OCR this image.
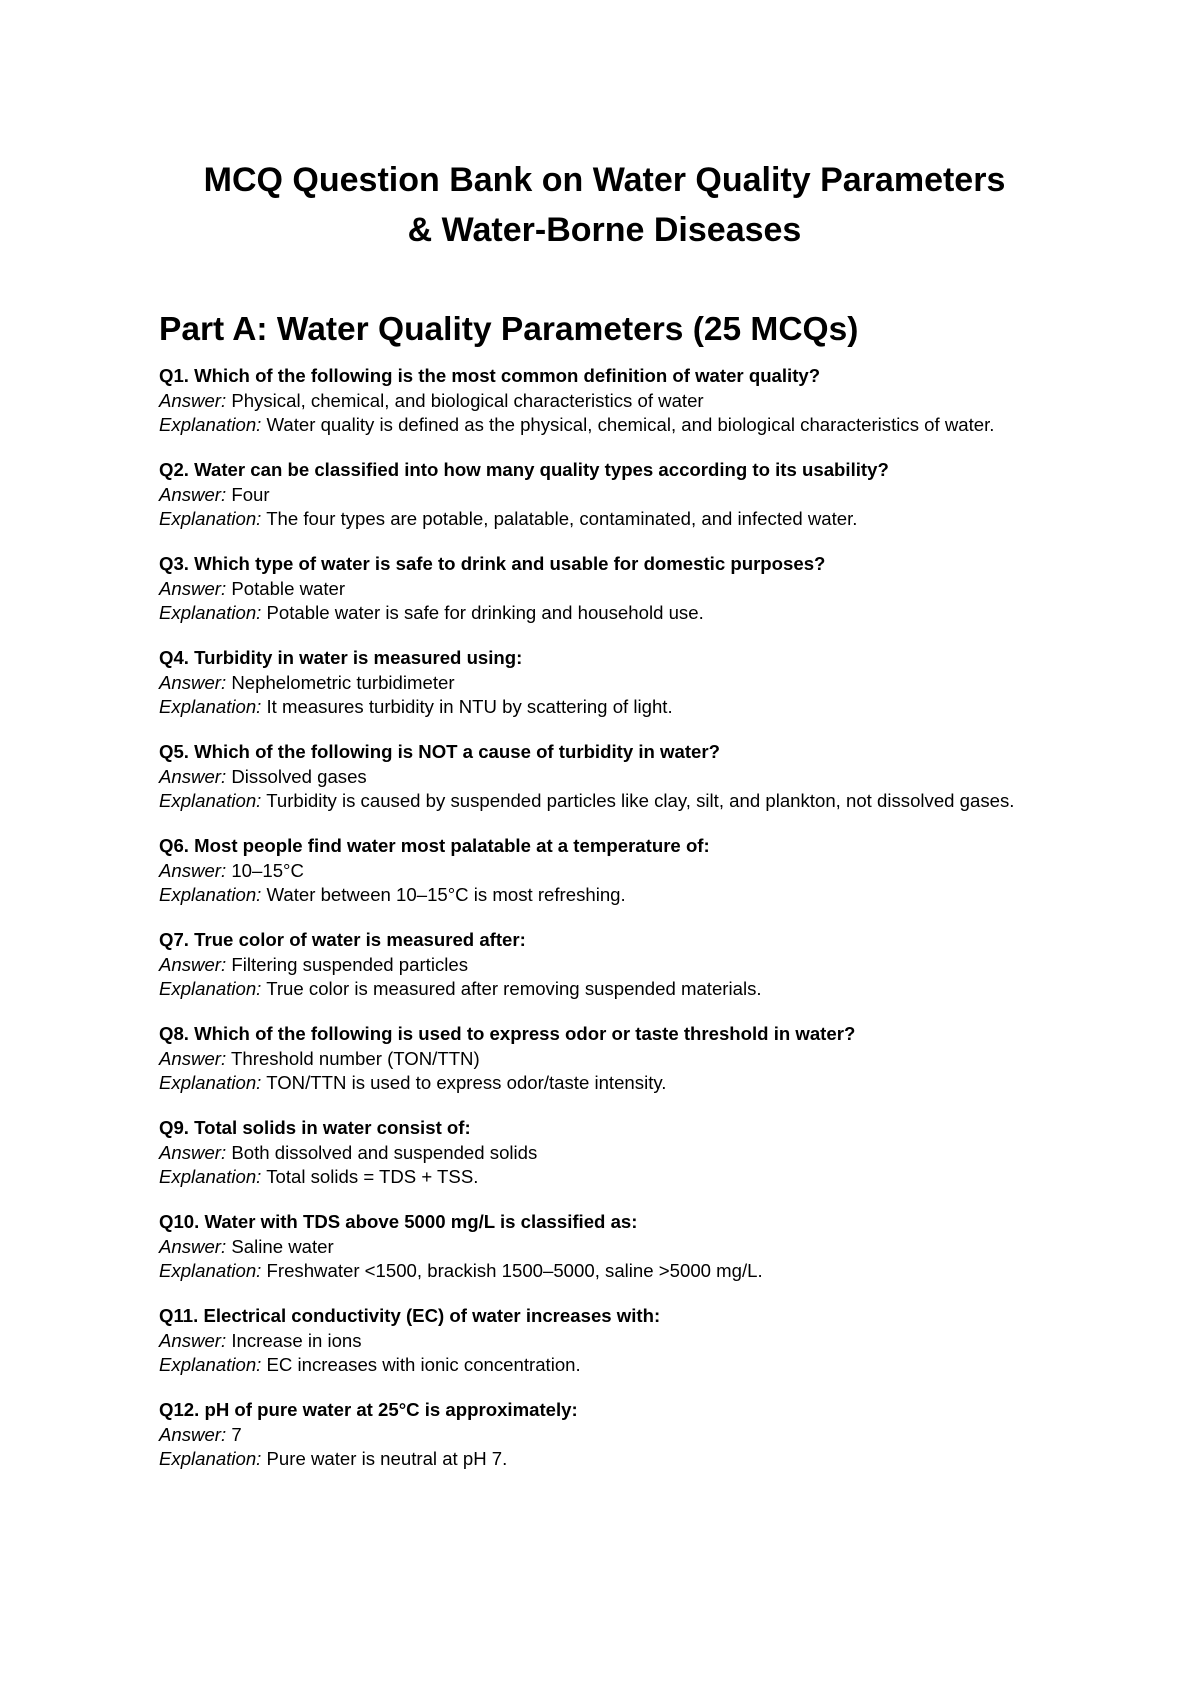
MCQ Question Bank on Water Quality Parameters
& Water-Borne Diseases
Part A: Water Quality Parameters (25 MCQs)
Q1. Which of the following is the most common definition of water quality?
Answer: Physical, chemical, and biological characteristics of water
Explanation: Water quality is defined as the physical, chemical, and biological characteristics of water.
Q2. Water can be classified into how many quality types according to its usability?
Answer: Four
Explanation: The four types are potable, palatable, contaminated, and infected water.
Q3. Which type of water is safe to drink and usable for domestic purposes?
Answer: Potable water
Explanation: Potable water is safe for drinking and household use.
Q4. Turbidity in water is measured using:
Answer: Nephelometric turbidimeter
Explanation: It measures turbidity in NTU by scattering of light.
Q5. Which of the following is NOT a cause of turbidity in water?
Answer: Dissolved gases
Explanation: Turbidity is caused by suspended particles like clay, silt, and plankton, not dissolved gases.
Q6. Most people find water most palatable at a temperature of:
Answer: 10–15°C
Explanation: Water between 10–15°C is most refreshing.
Q7. True color of water is measured after:
Answer: Filtering suspended particles
Explanation: True color is measured after removing suspended materials.
Q8. Which of the following is used to express odor or taste threshold in water?
Answer: Threshold number (TON/TTN)
Explanation: TON/TTN is used to express odor/taste intensity.
Q9. Total solids in water consist of:
Answer: Both dissolved and suspended solids
Explanation: Total solids = TDS + TSS.
Q10. Water with TDS above 5000 mg/L is classified as:
Answer: Saline water
Explanation: Freshwater <1500, brackish 1500–5000, saline >5000 mg/L.
Q11. Electrical conductivity (EC) of water increases with:
Answer: Increase in ions
Explanation: EC increases with ionic concentration.
Q12. pH of pure water at 25°C is approximately:
Answer: 7
Explanation: Pure water is neutral at pH 7.
